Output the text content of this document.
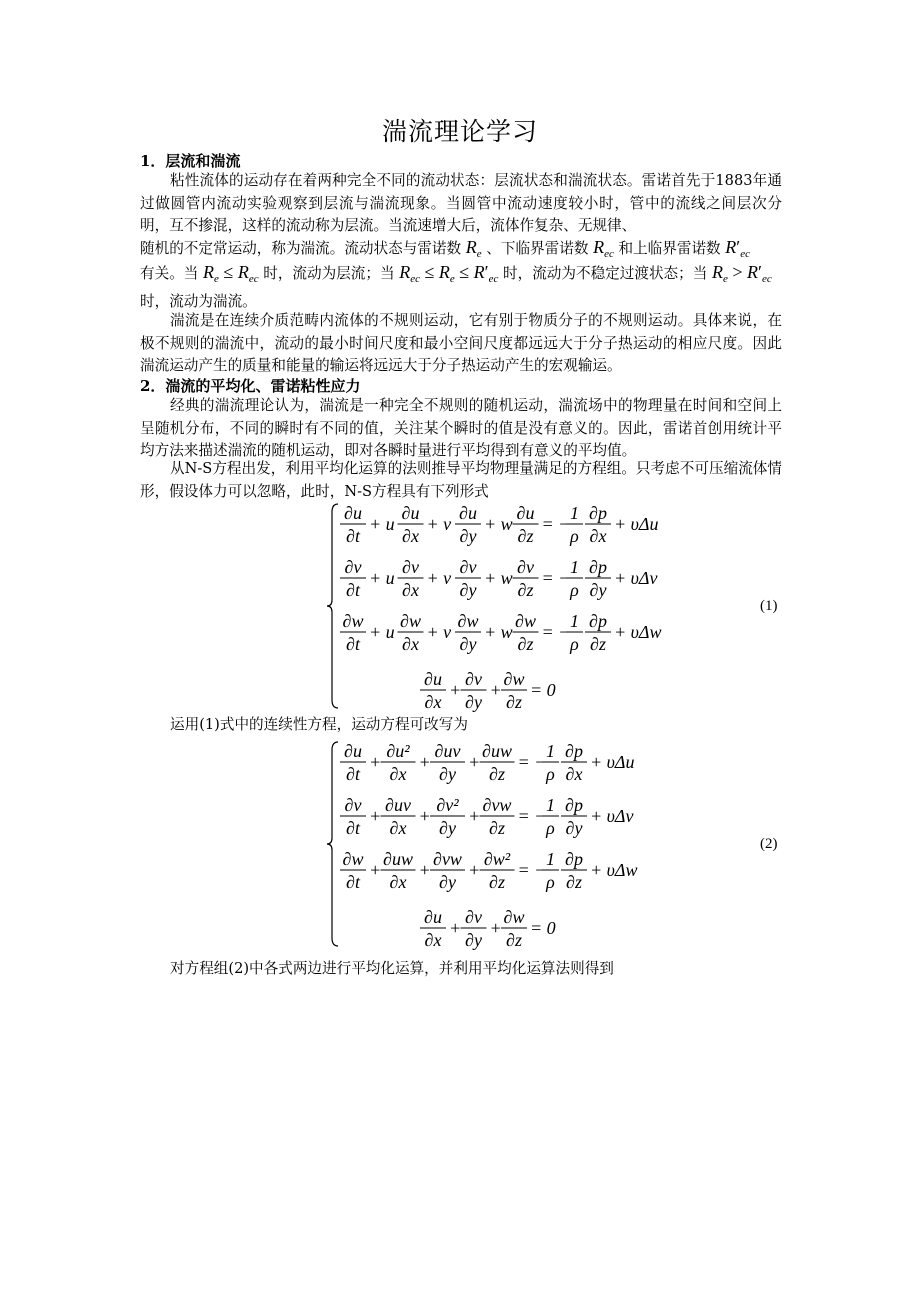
湍流理论学习
1．层流和湍流
粘性流体的运动存在着两种完全不同的流动状态：层流状态和湍流状态。雷诺首先于1883年通过做圆管内流动实验观察到层流与湍流现象。当圆管中流动速度较小时，管中的流线之间层次分明，互不掺混，这样的流动称为层流。当流速增大后，流体作复杂、无规律、
随机的不定常运动，称为湍流。流动状态与雷诺数 $R_e$ 、下临界雷诺数 $R_{ec}$ 和上临界雷诺数 $R'_{ec}$
有关。当 $R_e \le R_{ec}$ 时，流动为层流；当 $R_{ec} \le R_e \le R'_{ec}$ 时，流动为不稳定过渡状态；当 $R_e > R'_{ec}$
时，流动为湍流。
湍流是在连续介质范畴内流体的不规则运动，它有别于物质分子的不规则运动。具体来说，在极不规则的湍流中，流动的最小时间尺度和最小空间尺度都远远大于分子热运动的相应尺度。因此湍流运动产生的质量和能量的输运将远远大于分子热运动产生的宏观输运。
2．湍流的平均化、雷诺粘性应力
经典的湍流理论认为，湍流是一种完全不规则的随机运动，湍流场中的物理量在时间和空间上呈随机分布，不同的瞬时有不同的值，关注某个瞬时的值是没有意义的。因此，雷诺首创用统计平均方法来描述湍流的随机运动，即对各瞬时量进行平均得到有意义的平均值。
从N-S方程出发，利用平均化运算的法则推导平均物理量满足的方程组。只考虑不可压缩流体情形，假设体力可以忽略，此时，N-S方程具有下列形式
∂u
∂t
+ u
∂u
∂x
+ v
∂u
∂y
+ w
∂u
∂z
= −
1
ρ
∂p
∂x
+ υΔu
∂v
∂t
+ u
∂v
∂x
+ v
∂v
∂y
+ w
∂v
∂z
= −
1
ρ
∂p
∂y
+ υΔv
∂w
∂t
+ u
∂w
∂x
+ v
∂w
∂y
+ w
∂w
∂z
= −
1
ρ
∂p
∂z
+ υΔw
∂u
∂x
+
∂v
∂y
+
∂w
∂z
= 0
(1)
运用(1)式中的连续性方程，运动方程可改写为
∂u
∂t
+
∂u²
∂x
+
∂uv
∂y
+
∂uw
∂z
= −
1
ρ
∂p
∂x
+ υΔu
∂v
∂t
+
∂uv
∂x
+
∂v²
∂y
+
∂vw
∂z
= −
1
ρ
∂p
∂y
+ υΔv
∂w
∂t
+
∂uw
∂x
+
∂vw
∂y
+
∂w²
∂z
= −
1
ρ
∂p
∂z
+ υΔw
∂u
∂x
+
∂v
∂y
+
∂w
∂z
= 0
(2)
对方程组(2)中各式两边进行平均化运算，并利用平均化运算法则得到
